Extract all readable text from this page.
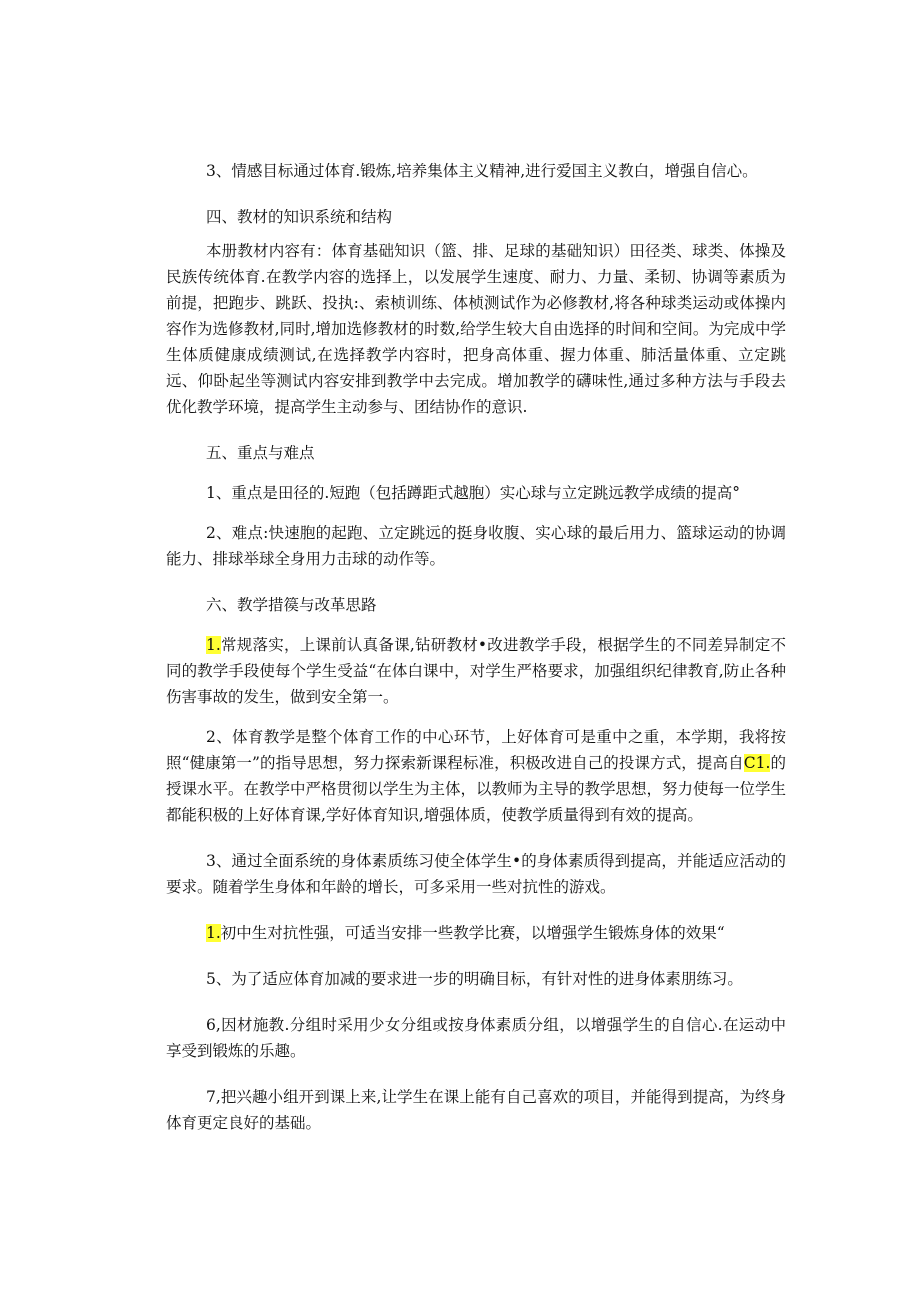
3、情感目标通过体育.锻炼,培养集体主义精神,进行爱国主义教白，增强自信心。

四、教材的知识系统和结构

本册教材内容有：体育基础知识（篮、排、足球的基础知识）田径类、球类、体操及民族传统体育.在教学内容的选择上，以发展学生速度、耐力、力量、柔韧、协调等素质为前提，把跑步、跳跃、投执:、索桢训练、体桢测试作为必修教材,将各种球类运动或体操内容作为选修教材,同时,增加选修教材的时数,给学生较大自由选择的时间和空间。为完成中学生体质健康成绩测试,在选择教学内容时，把身高体重、握力体重、肺活量体重、立定跳远、仰卧起坐等测试内容安排到教学中去完成。增加教学的礴味性,通过多种方法与手段去优化教学环境，提高学生主动参与、团结协作的意识.

五、重点与难点

1、重点是田径的.短跑（包括蹲距式越胞）实心球与立定跳远教学成绩的提高°

2、难点:快速胞的起跑、立定跳远的挺身收腹、实心球的最后用力、篮球运动的协调能力、排球举球全身用力击球的动作等。

六、教学措篌与改革思路

1.常规落实，上课前认真备课,钻研教材•改进教学手段，根据学生的不同差异制定不同的教学手段使每个学生受益“在体白课中，对学生严格要求，加强组织纪律教育,防止各种伤害事故的发生，做到安全第一。

2、体育教学是整个体育工作的中心环节，上好体育可是重中之重，本学期，我将按照“健康第一”的指导思想，努力探索新课程标准，积极改进自己的投课方式，提高自C1.的授课水平。在教学中严格贯彻以学生为主体，以教师为主导的教学思想，努力使每一位学生都能积极的上好体育课,学好体育知识,增强体质，使教学质量得到有效的提高。

3、通过全面系统的身体素质练习使全体学生•的身体素质得到提高，并能适应活动的要求。随着学生身体和年龄的增长，可多采用一些对抗性的游戏。

1.初中生对抗性强，可适当安排一些教学比赛，以增强学生锻炼身体的效果“

5、为了适应体育加减的要求进一步的明确目标，有针对性的进身体素朋练习。

6,因材施教.分组时采用少女分组或按身体素质分组，以增强学生的自信心.在运动中享受到锻炼的乐趣。

7,把兴趣小组开到课上来,让学生在课上能有自己喜欢的项目，并能得到提高，为终身体育更定良好的基础。
